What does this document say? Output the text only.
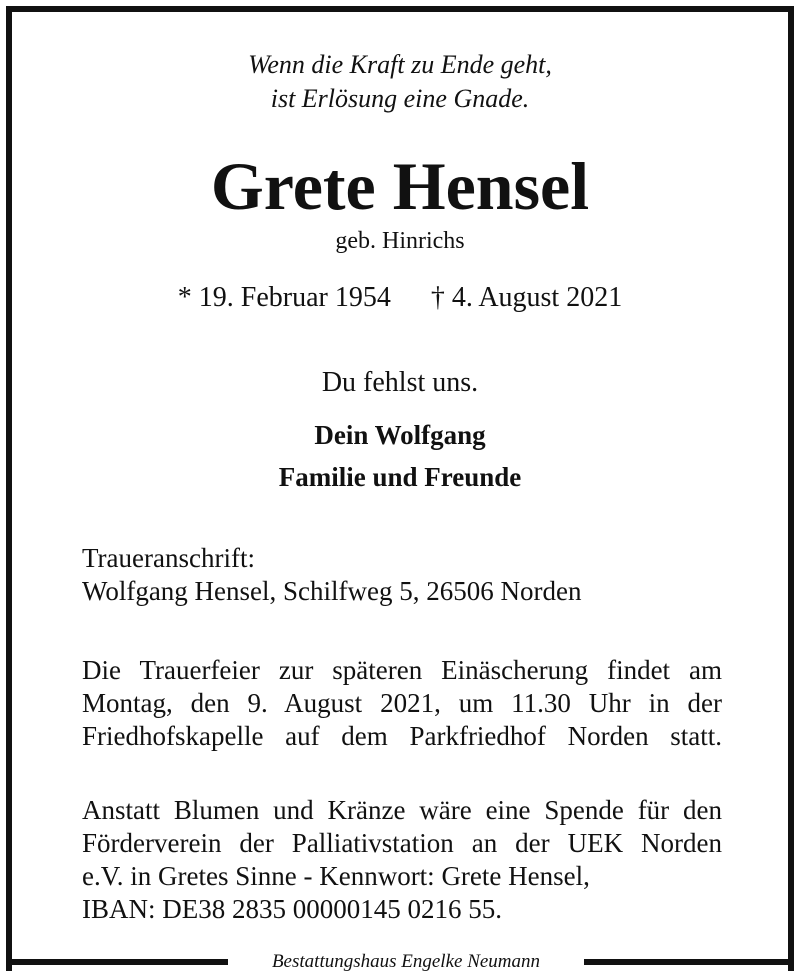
Wenn die Kraft zu Ende geht,
ist Erlösung eine Gnade.
Grete Hensel
geb. Hinrichs
* 19. Februar 1954 † 4. August 2021
Du fehlst uns.
Dein Wolfgang
Familie und Freunde
Traueranschrift:
Wolfgang Hensel, Schilfweg 5, 26506 Norden
Die Trauerfeier zur späteren Einäscherung findet am
Montag, den 9. August 2021, um 11.30 Uhr in der
Friedhofskapelle auf dem Parkfriedhof Norden statt.
Anstatt Blumen und Kränze wäre eine Spende für den
Förderverein der Palliativstation an der UEK Norden
e.V. in Gretes Sinne - Kennwort: Grete Hensel,
IBAN: DE38 2835 00000145 0216 55.
Bestattungshaus Engelke Neumann
